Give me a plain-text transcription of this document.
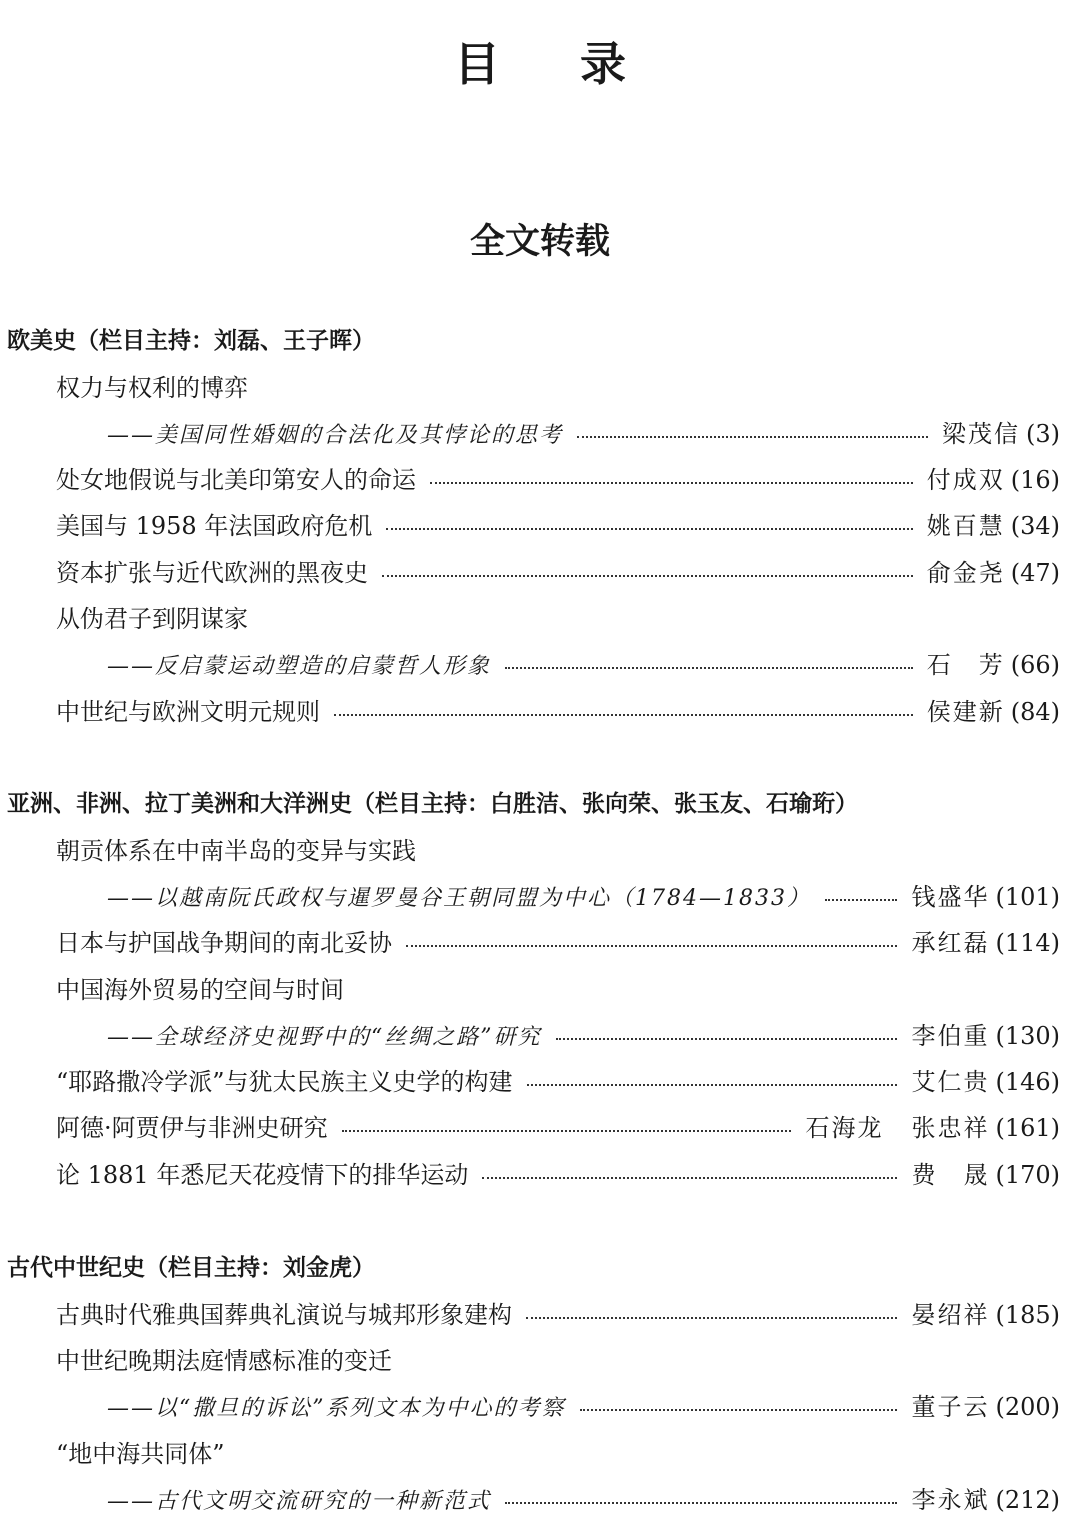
目 录
全文转载
欧美史（栏目主持：刘磊、王子晖）
权力与权利的博弈
——美国同性婚姻的合法化及其悖论的思考	梁茂信 (3)
处女地假说与北美印第安人的命运	付成双 (16)
美国与 1958 年法国政府危机	姚百慧 (34)
资本扩张与近代欧洲的黑夜史	俞金尧 (47)
从伪君子到阴谋家
——反启蒙运动塑造的启蒙哲人形象	石　芳 (66)
中世纪与欧洲文明元规则	侯建新 (84)
亚洲、非洲、拉丁美洲和大洋洲史（栏目主持：白胜洁、张向荣、张玉友、石瑜珩）
朝贡体系在中南半岛的变异与实践
——以越南阮氏政权与暹罗曼谷王朝同盟为中心（1784—1833）	钱盛华 (101)
日本与护国战争期间的南北妥协	承红磊 (114)
中国海外贸易的空间与时间
——全球经济史视野中的“丝绸之路”研究	李伯重 (130)
“耶路撒冷学派”与犹太民族主义史学的构建	艾仁贵 (146)
阿德·阿贾伊与非洲史研究	石海龙 张忠祥 (161)
论 1881 年悉尼天花疫情下的排华运动	费　晟 (170)
古代中世纪史（栏目主持：刘金虎）
古典时代雅典国葬典礼演说与城邦形象建构	晏绍祥 (185)
中世纪晚期法庭情感标准的变迁
——以“撒旦的诉讼”系列文本为中心的考察	董子云 (200)
“地中海共同体”
——古代文明交流研究的一种新范式	李永斌 (212)
